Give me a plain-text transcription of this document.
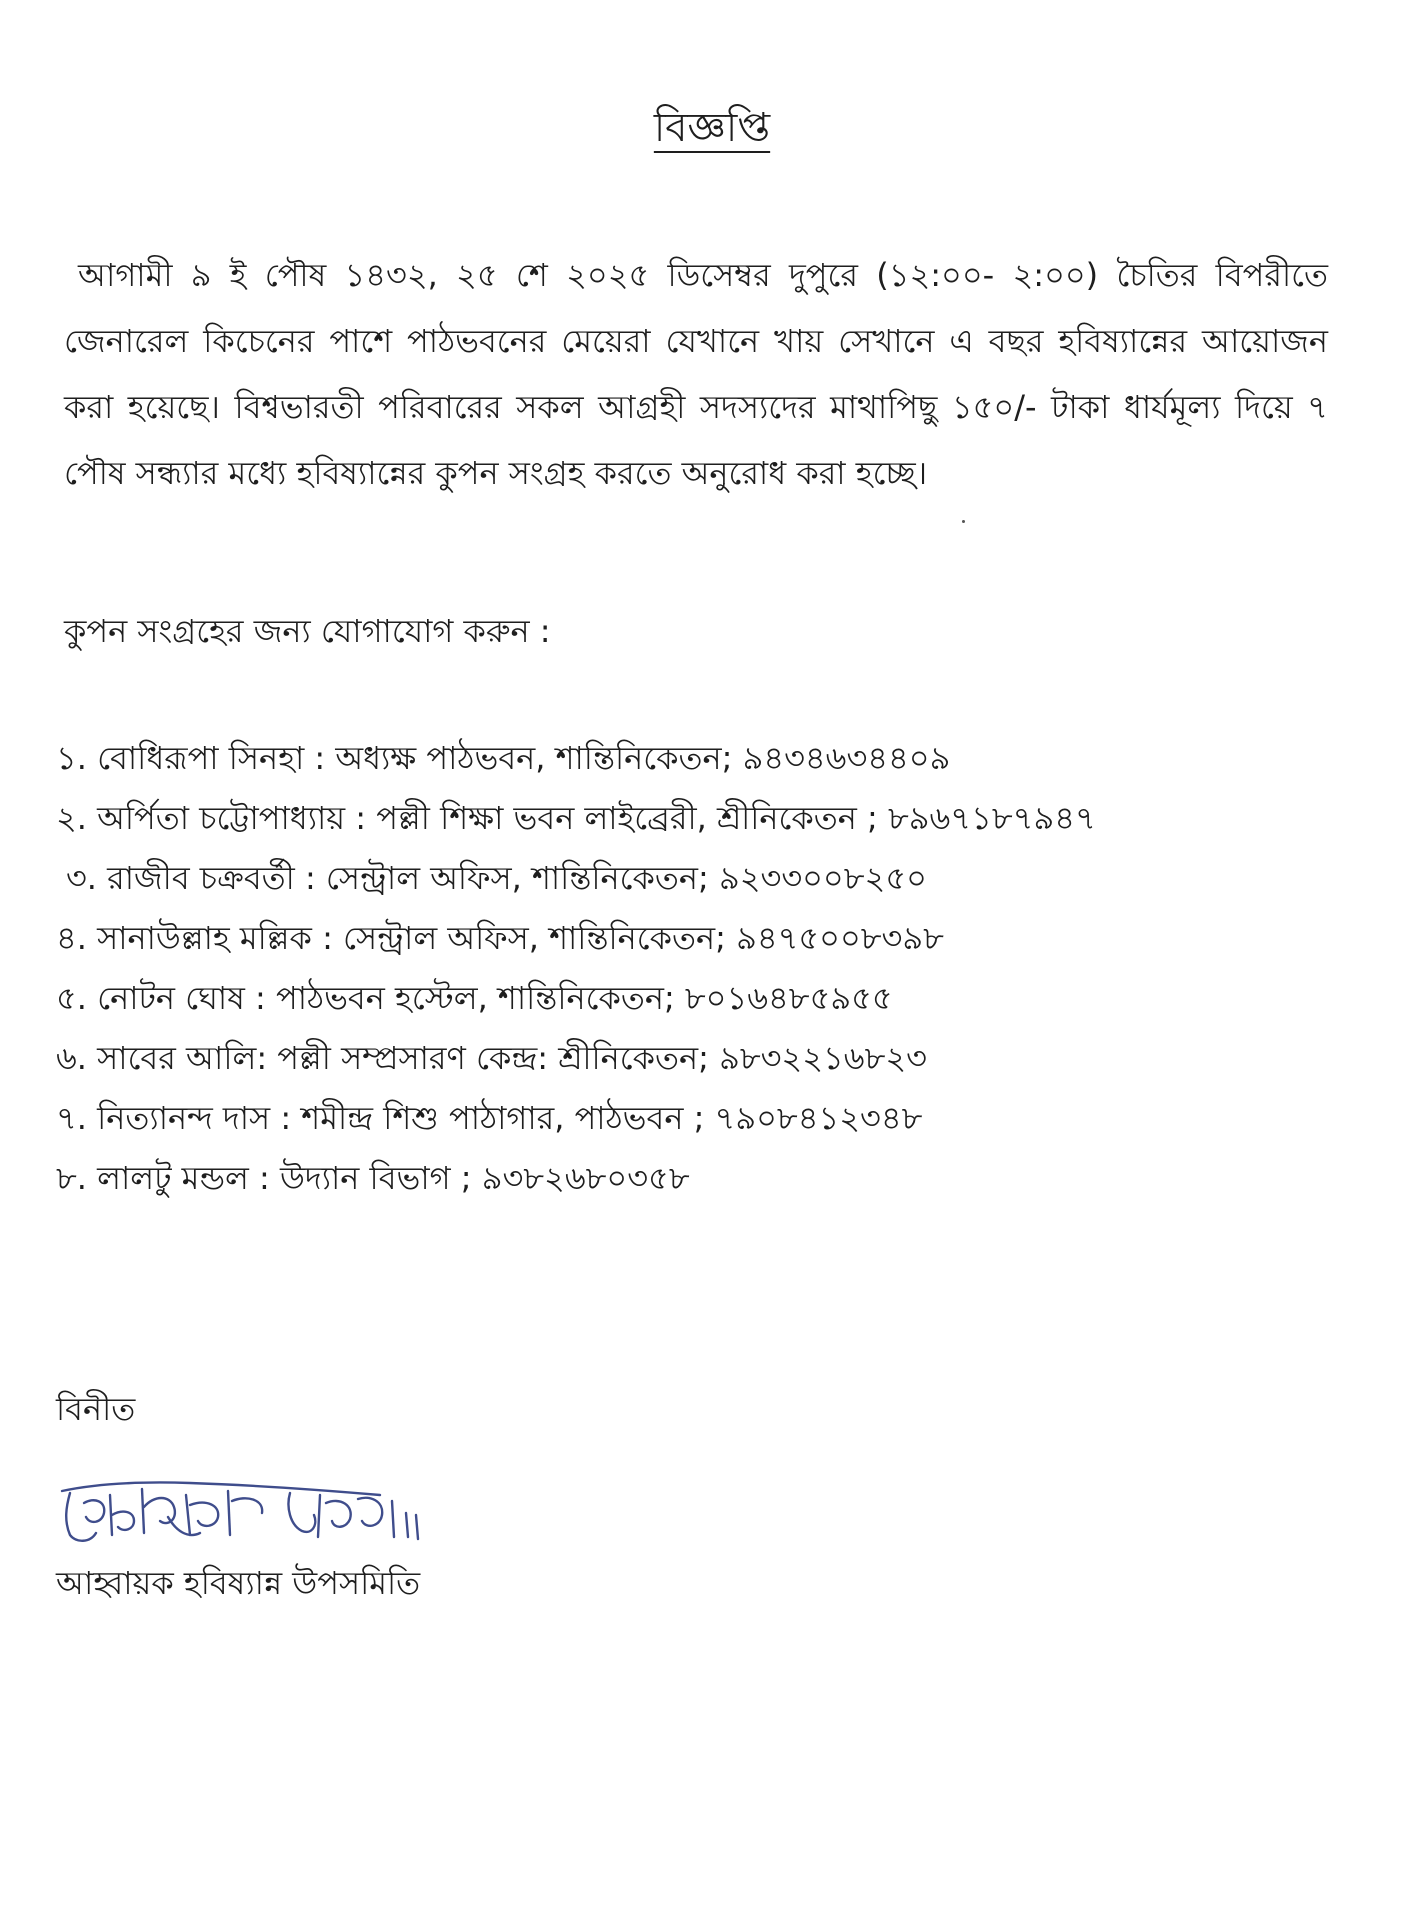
বিজ্ঞপ্তি

আগামী ৯ ই পৌষ ১৪৩২, ২৫ শে ২০২৫ ডিসেম্বর দুপুরে (১২:০০- ২:০০) চৈতির বিপরীতে জেনারেল কিচেনের পাশে পাঠভবনের মেয়েরা যেখানে খায় সেখানে এ বছর হবিষ্যান্নের আয়োজন করা হয়েছে। বিশ্বভারতী পরিবারের সকল আগ্রহী সদস্যদের মাথাপিছু ১৫০/- টাকা ধার্যমূল্য দিয়ে ৭ পৌষ সন্ধ্যার মধ্যে হবিষ্যান্নের কুপন সংগ্রহ করতে অনুরোধ করা হচ্ছে।

কুপন সংগ্রহের জন্য যোগাযোগ করুন :

১. বোধিরূপা সিনহা : অধ্যক্ষ পাঠভবন, শান্তিনিকেতন; ৯৪৩৪৬৩৪৪০৯
২. অর্পিতা চট্টোপাধ্যায় : পল্লী শিক্ষা ভবন লাইব্রেরী, শ্রীনিকেতন ; ৮৯৬৭১৮৭৯৪৭
৩. রাজীব চক্রবর্তী : সেন্ট্রাল অফিস, শান্তিনিকেতন; ৯২৩৩০০৮২৫০
৪. সানাউল্লাহ মল্লিক : সেন্ট্রাল অফিস, শান্তিনিকেতন; ৯৪৭৫০০৮৩৯৮
৫. নোটন ঘোষ : পাঠভবন হস্টেল, শান্তিনিকেতন; ৮০১৬৪৮৫৯৫৫
৬. সাবের আলি: পল্লী সম্প্রসারণ কেন্দ্র: শ্রীনিকেতন; ৯৮৩২২১৬৮২৩
৭. নিত্যানন্দ দাস : শমীন্দ্র শিশু পাঠাগার, পাঠভবন ; ৭৯০৮৪১২৩৪৮
৮. লালটু মন্ডল : উদ্যান বিভাগ ; ৯৩৮২৬৮০৩৫৮

বিনীত

আহ্বায়ক হবিষ্যান্ন উপসমিতি
